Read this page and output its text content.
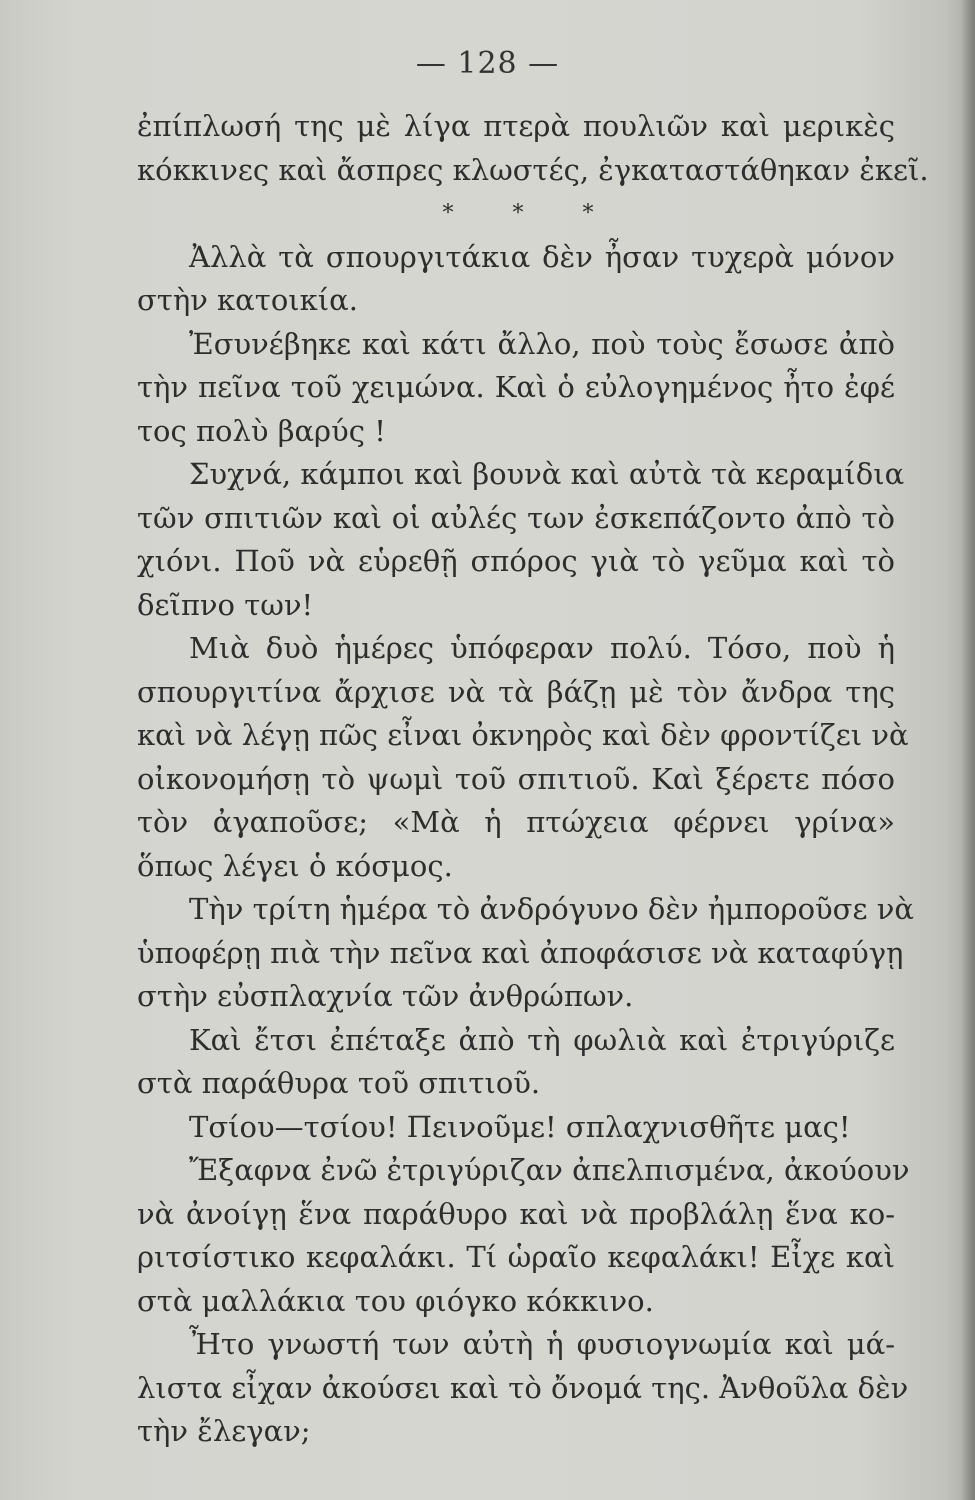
— 128 —
ἐπίπλωσή της μὲ λίγα πτερὰ πουλιῶν καὶ μερικὲς
κόκκινες καὶ ἄσπρες κλωστές, ἐγκαταστάθηκαν ἐκεῖ.
* * *
Ἀλλὰ τὰ σπουργιτάκια δὲν ἦσαν τυχερὰ μόνον
στὴν κατοικία.
Ἐσυνέβηκε καὶ κάτι ἄλλο, ποὺ τοὺς ἔσωσε ἀπὸ
τὴν πεῖνα τοῦ χειμώνα. Καὶ ὁ εὐλογημένος ἦτο ἐφέ
τος πολὺ βαρύς !
Συχνά, κάμποι καὶ βουνὰ καὶ αὐτὰ τὰ κεραμίδια
τῶν σπιτιῶν καὶ οἱ αὐλές των ἐσκεπάζοντο ἀπὸ τὸ
χιόνι. Ποῦ νὰ εὑρεθῇ σπόρος γιὰ τὸ γεῦμα καὶ τὸ
δεῖπνο των!
Μιὰ δυὸ ἡμέρες ὑπόφεραν πολύ. Τόσο, ποὺ ἡ
σπουργιτίνα ἄρχισε νὰ τὰ βάζῃ μὲ τὸν ἄνδρα της
καὶ νὰ λέγῃ πῶς εἶναι ὀκνηρὸς καὶ δὲν φροντίζει νὰ
οἰκονομήσῃ τὸ ψωμὶ τοῦ σπιτιοῦ. Καὶ ξέρετε πόσο
τὸν ἀγαποῦσε; «Μὰ ἡ πτώχεια φέρνει γρίνα»
ὅπως λέγει ὁ κόσμος.
Τὴν τρίτη ἡμέρα τὸ ἀνδρόγυνο δὲν ἠμποροῦσε νὰ
ὑποφέρῃ πιὰ τὴν πεῖνα καὶ ἀποφάσισε νὰ καταφύγῃ
στὴν εὐσπλαχνία τῶν ἀνθρώπων.
Καὶ ἔτσι ἐπέταξε ἀπὸ τὴ φωλιὰ καὶ ἐτριγύριζε
στὰ παράθυρα τοῦ σπιτιοῦ.
Τσίου—τσίου! Πεινοῦμε! σπλαχνισθῆτε μας!
Ἔξαφνα ἐνῶ ἐτριγύριζαν ἀπελπισμένα, ἀκούουν
νὰ ἀνοίγῃ ἕνα παράθυρο καὶ νὰ προβλάλῃ ἕνα κο-
ριτσίστικο κεφαλάκι. Τί ὡραῖο κεφαλάκι! Εἶχε καὶ
στὰ μαλλάκια του φιόγκο κόκκινο.
Ἦτο γνωστή των αὐτὴ ἡ φυσιογνωμία καὶ μά-
λιστα εἶχαν ἀκούσει καὶ τὸ ὄνομά της. Ἀνθοῦλα δὲν
τὴν ἔλεγαν;
